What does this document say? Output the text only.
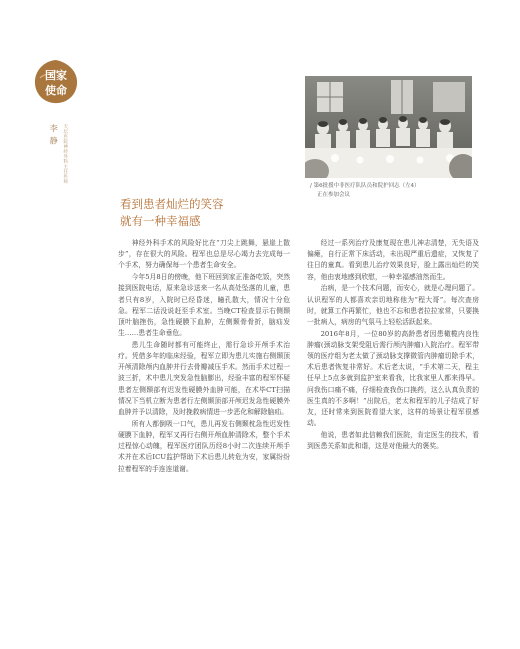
国家
使命
李 静 天坛医院神经外科主任医师
/ 第6批援中非医疗队队员和院护回志（左4）
正在参加会议
看到患者灿烂的笑容
就有一种幸福感

神经外科手术的风险好比在“刀尖上跳舞，悬崖上散步”，存在很大的风险。程军也总是尽心竭力去完成每一个手术，努力确保每一个患者生命安全。

今年5月8日的傍晚，他下班回到家正准备吃饭，突然接到医院电话，原来急诊送来一名从高处坠落的儿童，患者只有8岁，入院时已经昏迷，瞳孔散大，情况十分危急。程军二话没说赶至手术室。当晚CT检查显示右侧颞顶叶脑挫伤，急性硬膜下血肿，左侧颞骨骨折，脑疝发生……患者生命垂危。

患儿生命随时都有可能终止，需行急诊开颅手术治疗。凭借多年的临床经验，程军立即为患儿实施右侧颞顶开颅清除颅内血肿并行去骨瓣减压手术。然而手术过程一波三折，术中患儿突发急性脑膨出，经验丰富的程军怀疑患者左侧颞部有迟发性硬膜外血肿可能，在术毕CT扫描情况下当机立断为患者行左侧颞顶部开颅迟发急性硬膜外血肿并予以清除，及时挽救病情进一步恶化和解除脑疝。

所有人都倒吸一口气，患儿再发右侧颞枕急性迟发性硬膜下血肿，程军又再行右侧开颅血肿清除术，整个手术过程惊心动魄，程军医疗团队历经8小时二次连续开颅手术并在术后ICU监护帮助下术后患儿转危为安，家属纷纷拉着程军的手连连道谢。

经过一系列治疗及康复现在患儿神志清楚，无失语及偏瘫，自行正常下床活动，未出现严重后遗症，又恢复了往日的童真。看到患儿治疗效果良好，脸上露出灿烂的笑容，他由衷地感到欣慰，一种幸福感油然而生。

治病，是一个技术问题，而安心，就是心理问题了。认识程军的人都喜欢亲切地称他为“程大哥”。每次查房时，就算工作再繁忙，他也不忘和患者拉拉家常，只要换一批病人，病房的气氛马上轻松活跃起来。

2016年8月，一位80岁的高龄患者因患橄榄内良性肿瘤(颈动脉支架受阻后需行颅内肿瘤)入院治疗。程军带领的医疗组为老太做了颈动脉支撑微管内肿瘤切除手术，术后患者恢复非常好。术后老太说，“手术第二天，程主任早上5点多就到监护室来看我，比我家里人都来得早。问我伤口痛不痛，仔细检查我伤口换药，这么认真负责的医生真的不多啊！”出院后，老太和程军的儿子结成了好友，还时常来到医院看望大家，这样的场景让程军很感动。

他说，患者如此信赖我们医院，肯定医生的技术，看到医患关系如此和谐，这是对他最大的褒奖。
